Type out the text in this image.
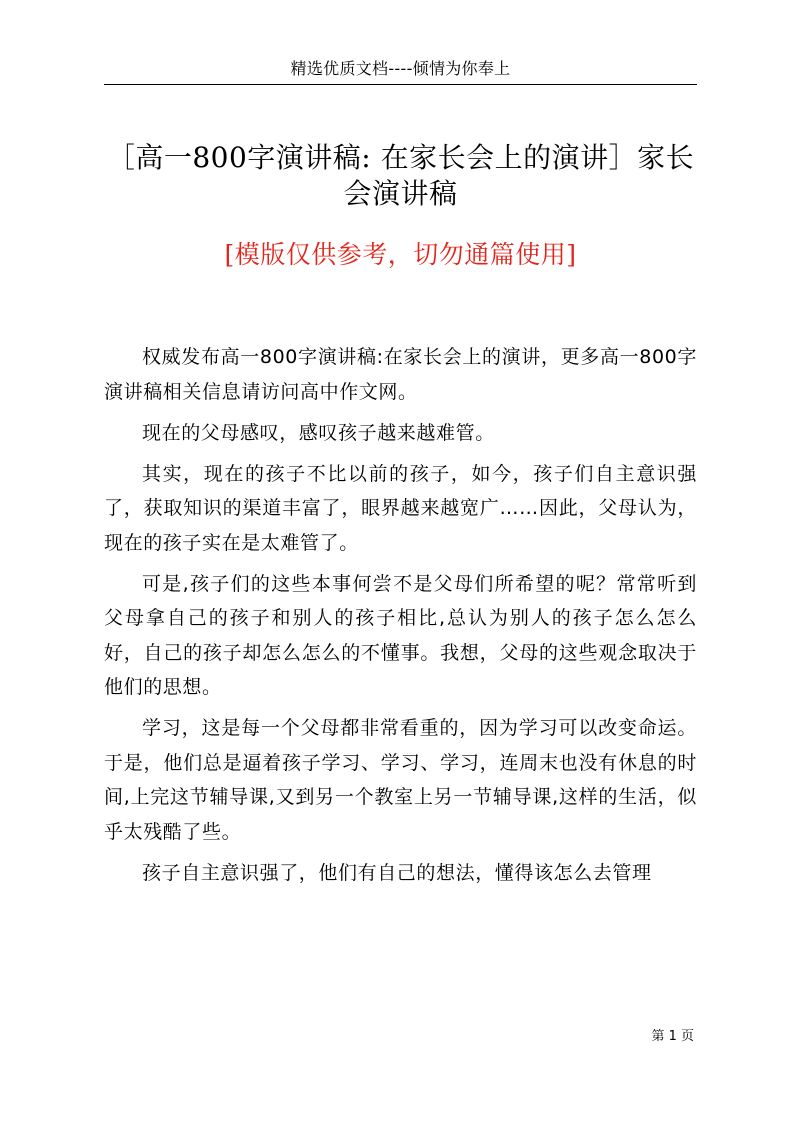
精选优质文档----倾情为你奉上
［高一800字演讲稿: 在家长会上的演讲］家长会演讲稿
[模版仅供参考，切勿通篇使用]

权威发布高一800字演讲稿:在家长会上的演讲，更多高一800字演讲稿相关信息请访问高中作文网。

现在的父母感叹，感叹孩子越来越难管。

其实，现在的孩子不比以前的孩子，如今，孩子们自主意识强了，获取知识的渠道丰富了，眼界越来越宽广……因此，父母认为，现在的孩子实在是太难管了。

可是,孩子们的这些本事何尝不是父母们所希望的呢？常常听到父母拿自己的孩子和别人的孩子相比,总认为别人的孩子怎么怎么好，自己的孩子却怎么怎么的不懂事。我想，父母的这些观念取决于他们的思想。

学习，这是每一个父母都非常看重的，因为学习可以改变命运。于是，他们总是逼着孩子学习、学习、学习，连周末也没有休息的时间,上完这节辅导课,又到另一个教室上另一节辅导课,这样的生活，似乎太残酷了些。

孩子自主意识强了，他们有自己的想法，懂得该怎么去管理

第 1 页
